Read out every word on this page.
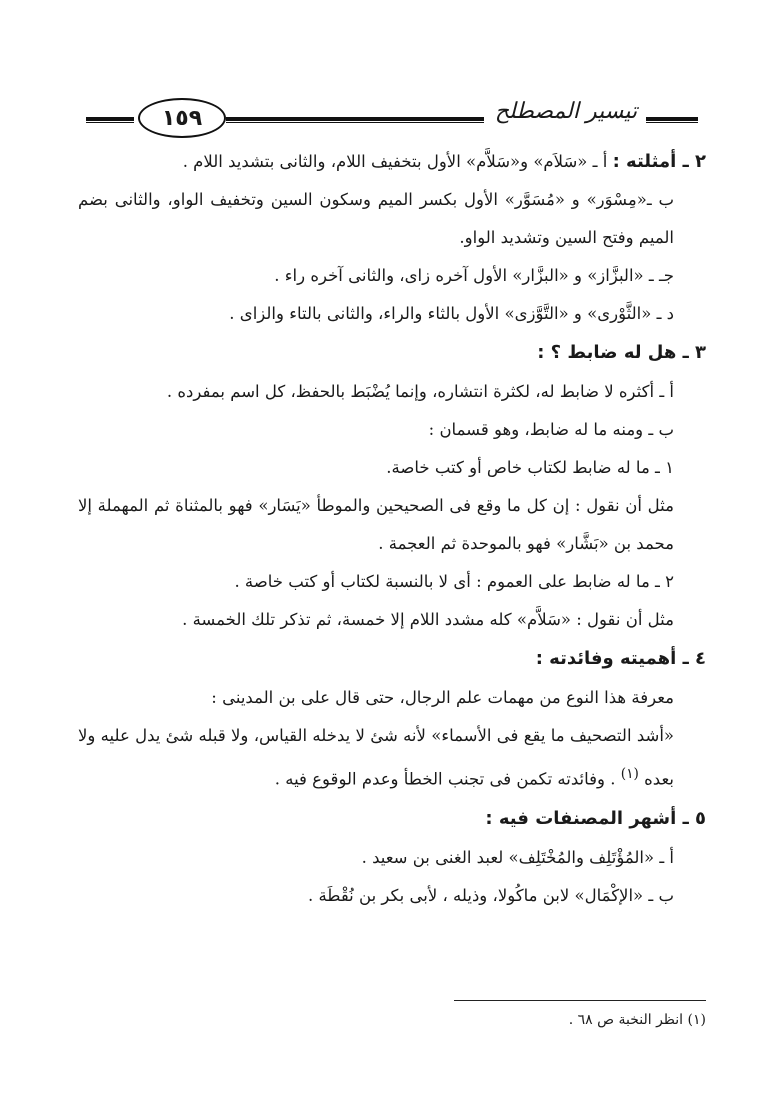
١٥٩	تيسير المصطلح

٢ ـ أمثلته : أ ـ «سَلاَم» و«سَلاَّم» الأول بتخفيف اللام، والثانى بتشديد اللام .

ب ـ«مِسْوَر» و «مُسَوَّر» الأول بكسر الميم وسكون السين وتخفيف الواو، والثانى بضم الميم وفتح السين وتشديد الواو.

جـ ـ «البزَّاز» و «البزَّار» الأول آخره زاى، والثانى آخره راء .

د ـ «الثَّوْرى» و «التَّوَّزى» الأول بالثاء والراء، والثانى بالتاء والزاى .

٣ ـ هل له ضابط ؟ :

أ ـ أكثره لا ضابط له، لكثرة انتشاره، وإنما يُضْبَط بالحفظ، كل اسم بمفرده .

ب ـ ومنه ما له ضابط، وهو قسمان :

١ ـ ما له ضابط لكتاب خاص أو كتب خاصة.

مثل أن نقول : إن كل ما وقع فى الصحيحين والموطأ «يَسَار» فهو بالمثناة ثم المهملة إلا محمد بن «بَشَّار» فهو بالموحدة ثم العجمة .

٢ ـ ما له ضابط على العموم : أى لا بالنسبة لكتاب أو كتب خاصة .

مثل أن نقول : «سَلاَّم» كله مشدد اللام إلا خمسة، ثم تذكر تلك الخمسة .

٤ ـ أهميته وفائدته :

معرفة هذا النوع من مهمات علم الرجال، حتى قال على بن المدينى :

«أشد التصحيف ما يقع فى الأسماء» لأنه شئ لا يدخله القياس، ولا قبله شئ يدل عليه ولا بعده $^{(١)}$ . وفائدته تكمن فى تجنب الخطأ وعدم الوقوع فيه .

٥ ـ أشهر المصنفات فيه :

أ ـ «المُؤْتَلِف والمُخْتَلِف» لعبد الغنى بن سعيد .

ب ـ «الإكْمَال» لابن ماكُولا، وذيله ، لأبى بكر بن نُقْطَة .

(١) انظر النخبة ص ٦٨ .
